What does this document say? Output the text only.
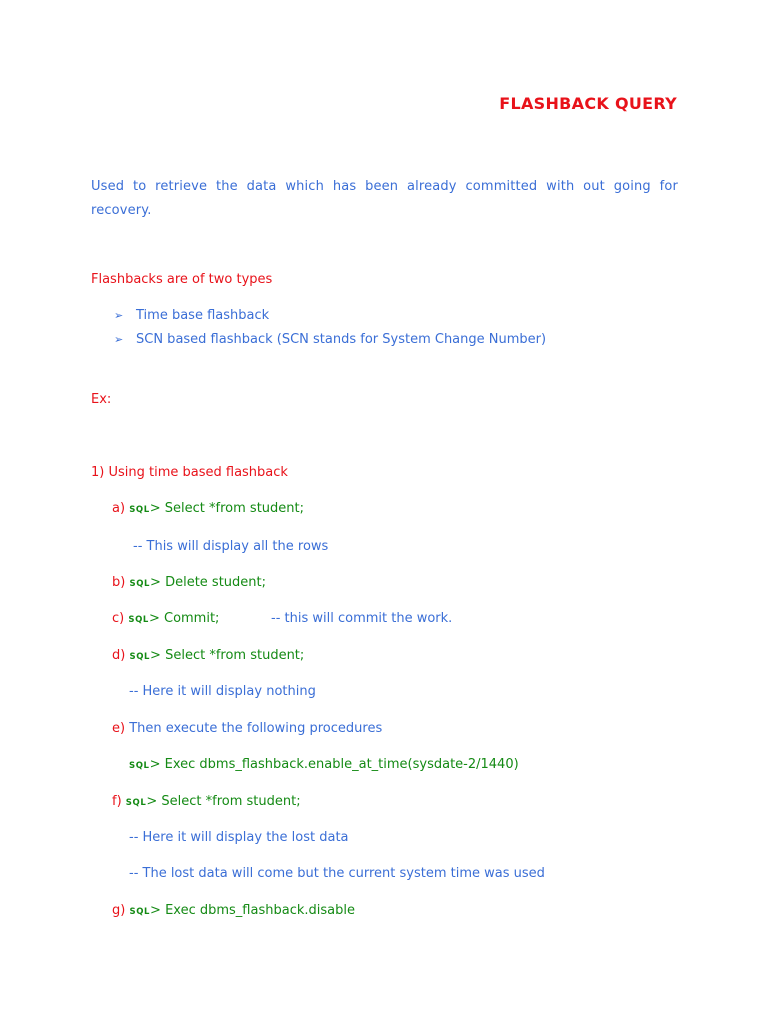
FLASHBACK QUERY
Used to retrieve the data which has been already committed with out going for recovery.
Flashbacks are of two types
➢ Time base flashback
➢ SCN based flashback (SCN stands for System Change Number)
Ex:
1) Using time based flashback
a) SQL> Select *from student;
-- This will display all the rows
b) SQL> Delete student;
c) SQL> Commit;	-- this will commit the work.
d) SQL> Select *from student;
-- Here it will display nothing
e) Then execute the following procedures
SQL> Exec dbms_flashback.enable_at_time(sysdate-2/1440)
f) SQL> Select *from student;
-- Here it will display the lost data
-- The lost data will come but the current system time was used
g) SQL> Exec dbms_flashback.disable
